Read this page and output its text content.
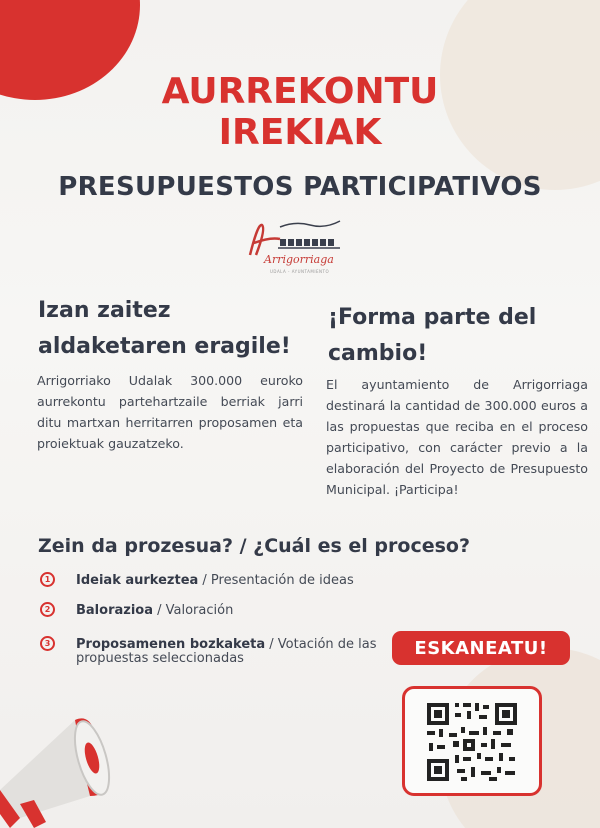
AURREKONTU
IREKIAK
PRESUPUESTOS PARTICIPATIVOS
Arrigorriaga
UDALA - AYUNTAMIENTO
Izan zaitez
aldaketaren eragile!
Arrigorriako Udalak 300.000 euroko aurrekontu partehartzaile berriak jarri ditu martxan herritarren proposamen eta proiektuak gauzatzeko.
¡Forma parte del
cambio!
El ayuntamiento de Arrigorriaga destinará la cantidad de 300.000 euros a las propuestas que reciba en el proceso participativo, con carácter previo a la elaboración del Proyecto de Presupuesto Municipal. ¡Participa!
Zein da prozesua? / ¿Cuál es el proceso?
1	Ideiak aurkeztea / Presentación de ideas
2	Balorazioa / Valoración
3	Proposamenen bozkaketa / Votación de las propuestas seleccionadas	ESKANEATU!
